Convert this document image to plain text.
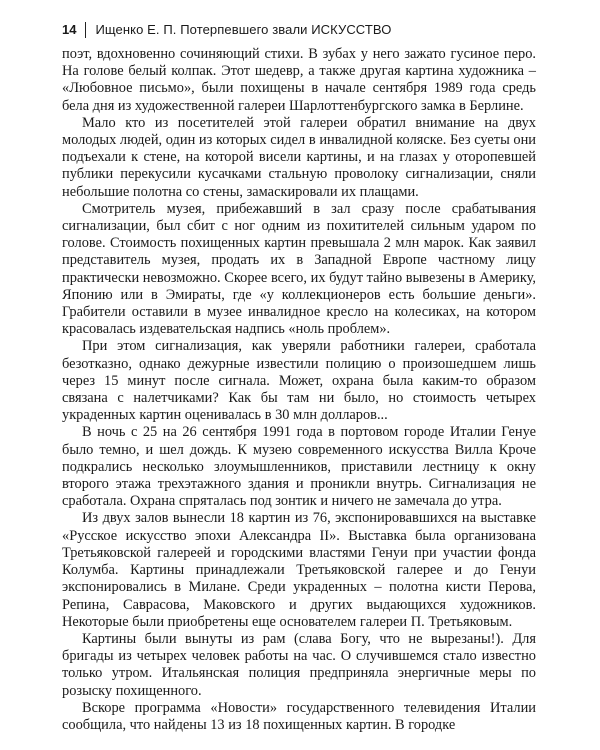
14 Ищенко Е. П. Потерпевшего звали ИСКУССТВО

поэт, вдохновенно сочиняющий стихи. В зубах у него зажато гусиное перо. На голове белый колпак. Этот шедевр, а также другая картина художника – «Любовное письмо», были похищены в начале сентября 1989 года средь бела дня из художественной галереи Шарлоттенбургского замка в Берлине.

Мало кто из посетителей этой галереи обратил внимание на двух молодых людей, один из которых сидел в инвалидной коляске. Без суеты они подъехали к стене, на которой висели картины, и на глазах у оторопевшей публики перекусили кусачками стальную проволоку сигнализации, сняли небольшие полотна со стены, замаскировали их плащами.

Смотритель музея, прибежавший в зал сразу после срабатывания сигнализации, был сбит с ног одним из похитителей сильным ударом по голове. Стоимость похищенных картин превышала 2 млн марок. Как заявил представитель музея, продать их в Западной Европе частному лицу практически невозможно. Скорее всего, их будут тайно вывезены в Америку, Японию или в Эмираты, где «у коллекционеров есть большие деньги». Грабители оставили в музее инвалидное кресло на колесиках, на котором красовалась издевательская надпись «ноль проблем».

При этом сигнализация, как уверяли работники галереи, сработала безотказно, однако дежурные известили полицию о произошедшем лишь через 15 минут после сигнала. Может, охрана была каким-то образом связана с налетчиками? Как бы там ни было, но стоимость четырех украденных картин оценивалась в 30 млн долларов...

В ночь с 25 на 26 сентября 1991 года в портовом городе Италии Генуе было темно, и шел дождь. К музею современного искусства Вилла Кроче подкрались несколько злоумышленников, приставили лестницу к окну второго этажа трехэтажного здания и проникли внутрь. Сигнализация не сработала. Охрана спряталась под зонтик и ничего не замечала до утра.

Из двух залов вынесли 18 картин из 76, экспонировавшихся на выставке «Русское искусство эпохи Александра II». Выставка была организована Третьяковской галереей и городскими властями Генуи при участии фонда Колумба. Картины принадлежали Третьяковской галерее и до Генуи экспонировались в Милане. Среди украденных – полотна кисти Перова, Репина, Саврасова, Маковского и других выдающихся художников. Некоторые были приобретены еще основателем галереи П. Третьяковым.

Картины были вынуты из рам (слава Богу, что не вырезаны!). Для бригады из четырех человек работы на час. О случившемся стало известно только утром. Итальянская полиция предприняла энергичные меры по розыску похищенного.

Вскоре программа «Новости» государственного телевидения Италии сообщила, что найдены 13 из 18 похищенных картин. В городке
